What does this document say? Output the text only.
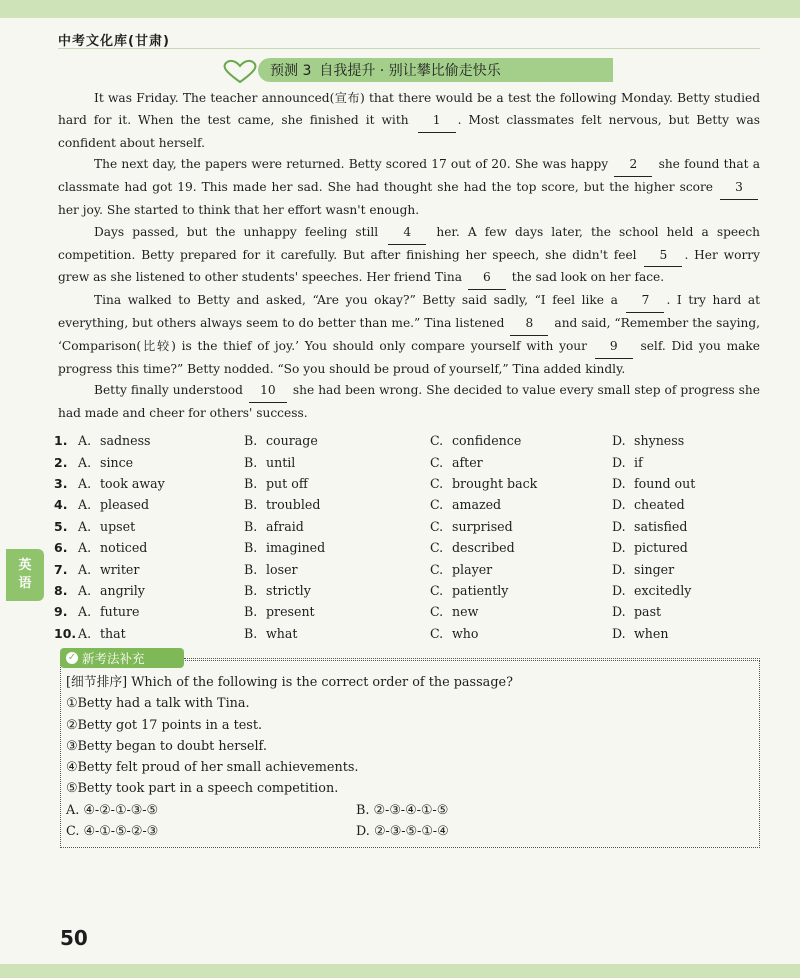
中考文化库(甘肃)
预测 3 自我提升 · 别让攀比偷走快乐

It was Friday. The teacher announced(宣布) that there would be a test the following Monday. Betty studied hard for it. When the test came, she finished it with 1 . Most classmates felt nervous, but Betty was confident about herself.

The next day, the papers were returned. Betty scored 17 out of 20. She was happy 2 she found that a classmate had got 19. This made her sad. She had thought she had the top score, but the higher score 3 her joy. She started to think that her effort wasn't enough.

Days passed, but the unhappy feeling still 4 her. A few days later, the school held a speech competition. Betty prepared for it carefully. But after finishing her speech, she didn't feel 5 . Her worry grew as she listened to other students' speeches. Her friend Tina 6 the sad look on her face.

Tina walked to Betty and asked, “Are you okay?” Betty said sadly, “I feel like a 7 . I try hard at everything, but others always seem to do better than me.” Tina listened 8 and said, “Remember the saying, ‘Comparison(比较) is the thief of joy.’ You should only compare yourself with your 9 self. Did you make progress this time?” Betty nodded. “So you should be proud of yourself,” Tina added kindly.

Betty finally understood 10 she had been wrong. She decided to value every small step of progress she had made and cheer for others' success.

1. A. sadness	B. courage	C. confidence	D. shyness
2. A. since	B. until	C. after	D. if
3. A. took away	B. put off	C. brought back	D. found out
4. A. pleased	B. troubled	C. amazed	D. cheated
5. A. upset	B. afraid	C. surprised	D. satisfied
6. A. noticed	B. imagined	C. described	D. pictured
7. A. writer	B. loser	C. player	D. singer
8. A. angrily	B. strictly	C. patiently	D. excitedly
9. A. future	B. present	C. new	D. past
10. A. that	B. what	C. who	D. when
英
语
✓ 新考法补充
[细节排序] Which of the following is the correct order of the passage?
①Betty had a talk with Tina.
②Betty got 17 points in a test.
③Betty began to doubt herself.
④Betty felt proud of her small achievements.
⑤Betty took part in a speech competition.
A. ④-②-①-③-⑤	B. ②-③-④-①-⑤
C. ④-①-⑤-②-③	D. ②-③-⑤-①-④
50
